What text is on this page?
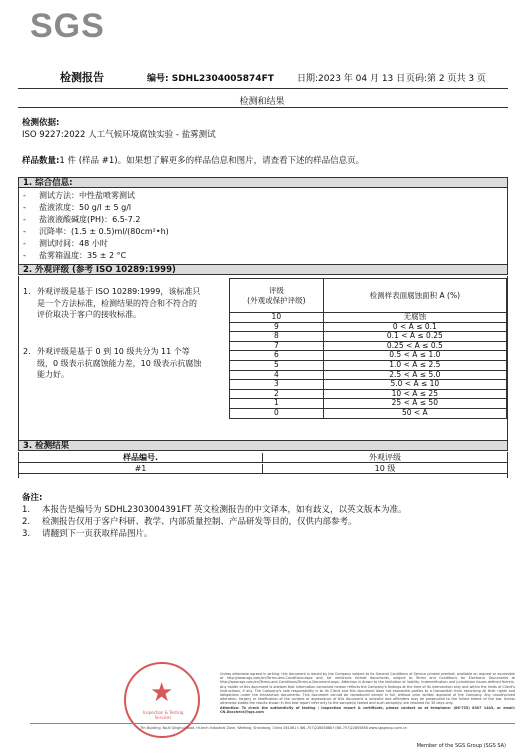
SGS
检测报告	编号: SDHL2304005874FT	日期:2023 年 04 月 13 日 页码:第 2 页共 3 页
检测和结果
检测依据:
ISO 9227:2022 人工气候环境腐蚀实验 - 盐雾测试
样品数量:1 件 (样品 #1)。如果想了解更多的样品信息和图片，请查看下述的样品信息页。
1. 综合信息:
- 测试方法：中性盐喷雾测试
- 盐液浓度：50 g/l ± 5 g/l
- 盐液液酸碱度(PH)：6.5-7.2
- 沉降率：(1.5 ± 0.5)ml/(80cm²•h)
- 测试时间：48 小时
- 盐雾箱温度：35 ± 2 °C
2. 外观评级 (参考 ISO 10289:1999)
1. 外观评级是基于 ISO 10289:1999，该标准只是一个方法标准，检测结果的符合和不符合的评价取决于客户的接收标准。
2. 外观评级是基于 0 到 10 级共分为 11 个等级，0 级表示抗腐蚀能力差，10 级表示抗腐蚀能力好。
评级
(外观或保护评级)	检测样表面腐蚀面积 A (%)
10	无腐蚀
9	0 < A ≤ 0.1
8	0.1 < A ≤ 0.25
7	0.25 < A ≤ 0.5
6	0.5 < A ≤ 1.0
5	1.0 < A ≤ 2.5
4	2.5 < A ≤ 5.0
3	5.0 < A ≤ 10
2	10 < A ≤ 25
1	25 < A ≤ 50
0	50 < A
3. 检测结果
样品编号.	外观评级
#1	10 级
备注:
1. 本报告是编号为 SDHL2303004391FT 英文检测报告的中文译本，如有歧义，以英文版本为准。
2. 检测报告仅用于客户科研、教学、内部质量控制、产品研发等目的，仅供内部参考。
3. 请翻到下一页获取样品图片。
★
Inspection & Testing Services
Unless otherwise agreed in writing, this document is issued by the Company subject to its General Conditions of Service printed overleaf, available on request or accessible at http://www.sgs.com/en/Terms-and-Conditions.aspx and, for electronic format documents, subject to Terms and Conditions for Electronic Documents at http://www.sgs.com/en/Terms-and-Conditions/Terms-e-Document.aspx. Attention is drawn to the limitation of liability, indemnification and jurisdiction issues defined therein. Any holder of this document is advised that information contained hereon reflects the Company's findings at the time of its intervention only and within the limits of Client's instructions, if any. The Company's sole responsibility is to its Client and this document does not exonerate parties to a transaction from exercising all their rights and obligations under the transaction documents. This document cannot be reproduced except in full, without prior written approval of the Company. Any unauthorized alteration, forgery or falsification of the content or appearance of this document is unlawful and offenders may be prosecuted to the fullest extent of the law. Unless otherwise stated the results shown in this test report refer only to the sample(s) tested and such sample(s) are retained for 30 days only.
Attention: To check the authenticity of testing / inspection report & certificate, please contact us at telephone: (86-755) 8307 1443, or email: CN.Doccheck@sgs.com
7th Building, No.6 Qinghui Road, Hi-tech Industrial Zone, Weifang, Shandong, China 261061 t (86–757)22805888 f (86–757)22805858 www.sgsgroup.com.cn
Member of the SGS Group (SGS SA)
